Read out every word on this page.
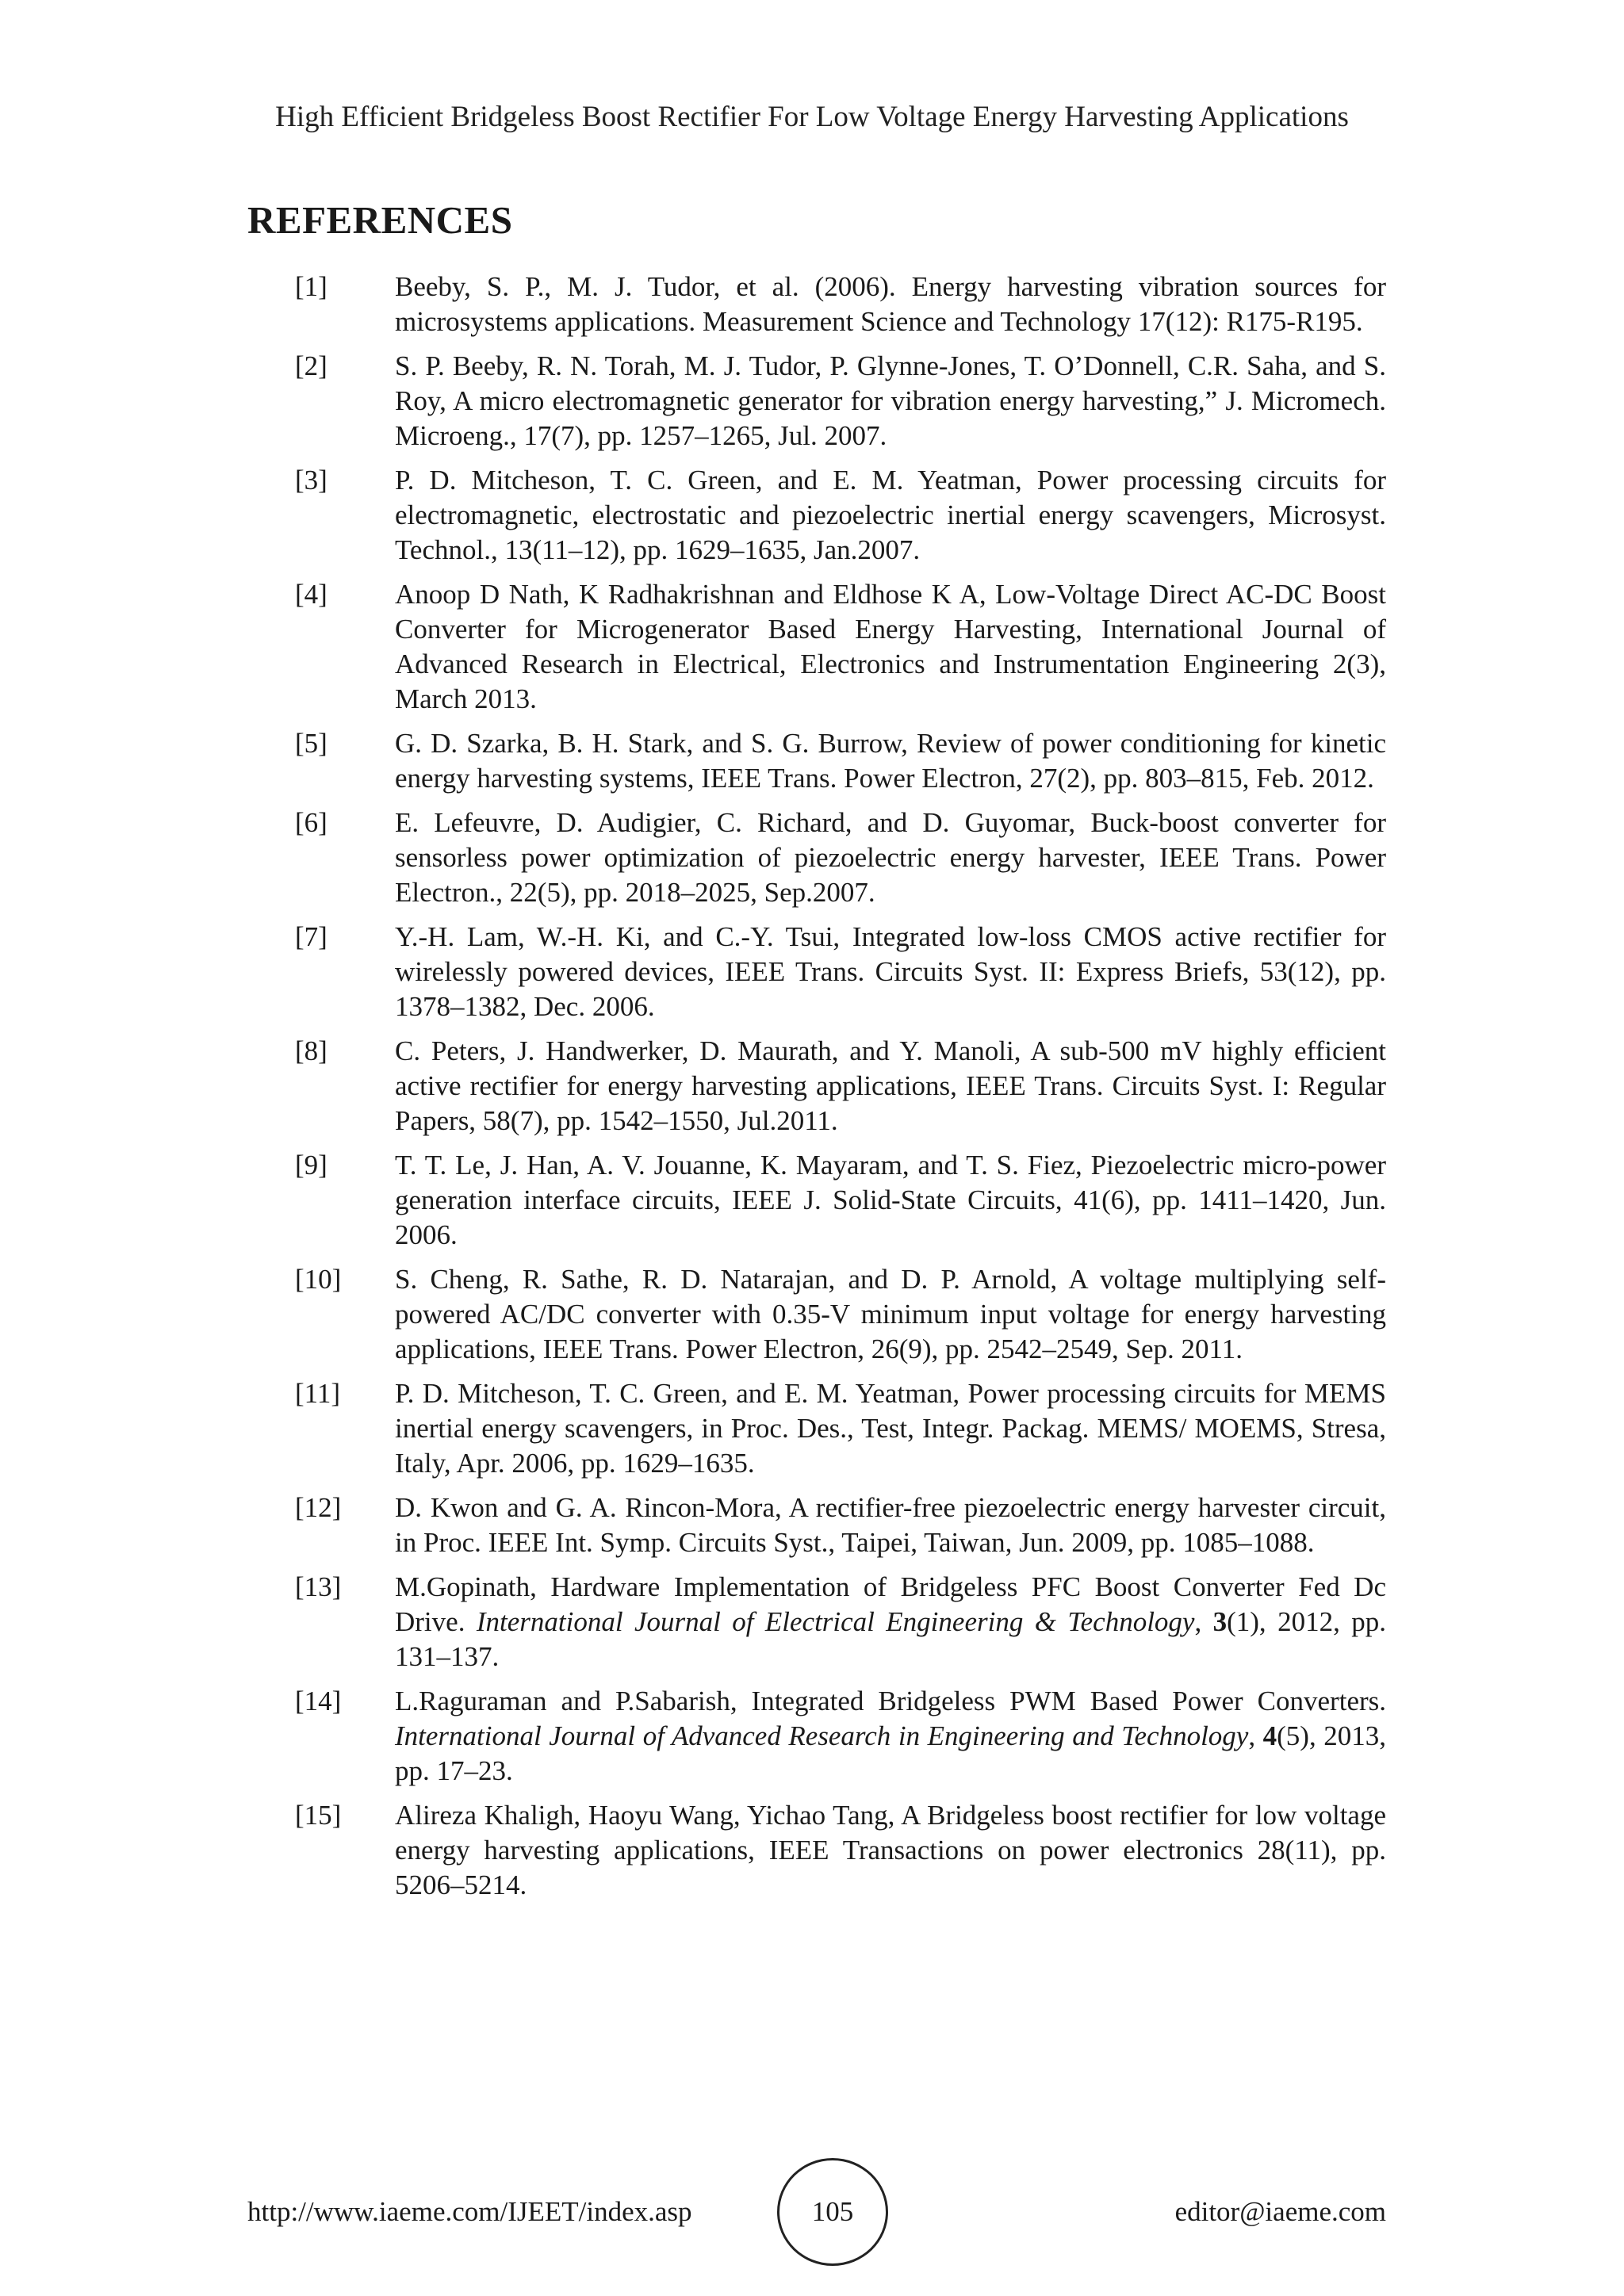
High Efficient Bridgeless Boost Rectifier For Low Voltage Energy Harvesting Applications
REFERENCES
[1]	Beeby, S. P., M. J. Tudor, et al. (2006). Energy harvesting vibration sources for microsystems applications. Measurement Science and Technology 17(12): R175-R195.
[2]	S. P. Beeby, R. N. Torah, M. J. Tudor, P. Glynne-Jones, T. O’Donnell, C.R. Saha, and S. Roy, A micro electromagnetic generator for vibration energy harvesting,” J. Micromech. Microeng., 17(7), pp. 1257–1265, Jul. 2007.
[3]	P. D. Mitcheson, T. C. Green, and E. M. Yeatman, Power processing circuits for electromagnetic, electrostatic and piezoelectric inertial energy scavengers, Microsyst. Technol., 13(11–12), pp. 1629–1635, Jan.2007.
[4]	Anoop D Nath, K Radhakrishnan and Eldhose K A, Low-Voltage Direct AC-DC Boost Converter for Microgenerator Based Energy Harvesting, International Journal of Advanced Research in Electrical, Electronics and Instrumentation Engineering 2(3), March 2013.
[5]	G. D. Szarka, B. H. Stark, and S. G. Burrow, Review of power conditioning for kinetic energy harvesting systems, IEEE Trans. Power Electron, 27(2), pp. 803–815, Feb. 2012.
[6]	E. Lefeuvre, D. Audigier, C. Richard, and D. Guyomar, Buck-boost converter for sensorless power optimization of piezoelectric energy harvester, IEEE Trans. Power Electron., 22(5), pp. 2018–2025, Sep.2007.
[7]	Y.-H. Lam, W.-H. Ki, and C.-Y. Tsui, Integrated low-loss CMOS active rectifier for wirelessly powered devices, IEEE Trans. Circuits Syst. II: Express Briefs, 53(12), pp. 1378–1382, Dec. 2006.
[8]	C. Peters, J. Handwerker, D. Maurath, and Y. Manoli, A sub-500 mV highly efficient active rectifier for energy harvesting applications, IEEE Trans. Circuits Syst. I: Regular Papers, 58(7), pp. 1542–1550, Jul.2011.
[9]	T. T. Le, J. Han, A. V. Jouanne, K. Mayaram, and T. S. Fiez, Piezoelectric micro-power generation interface circuits, IEEE J. Solid-State Circuits, 41(6), pp. 1411–1420, Jun. 2006.
[10]	S. Cheng, R. Sathe, R. D. Natarajan, and D. P. Arnold, A voltage multiplying self-powered AC/DC converter with 0.35-V minimum input voltage for energy harvesting applications, IEEE Trans. Power Electron, 26(9), pp. 2542–2549, Sep. 2011.
[11]	P. D. Mitcheson, T. C. Green, and E. M. Yeatman, Power processing circuits for MEMS inertial energy scavengers, in Proc. Des., Test, Integr. Packag. MEMS/ MOEMS, Stresa, Italy, Apr. 2006, pp. 1629–1635.
[12]	D. Kwon and G. A. Rincon-Mora, A rectifier-free piezoelectric energy harvester circuit, in Proc. IEEE Int. Symp. Circuits Syst., Taipei, Taiwan, Jun. 2009, pp. 1085–1088.
[13]	M.Gopinath, Hardware Implementation of Bridgeless PFC Boost Converter Fed Dc Drive. International Journal of Electrical Engineering & Technology, 3(1), 2012, pp. 131–137.
[14]	L.Raguraman and P.Sabarish, Integrated Bridgeless PWM Based Power Converters. International Journal of Advanced Research in Engineering and Technology, 4(5), 2013, pp. 17–23.
[15]	Alireza Khaligh, Haoyu Wang, Yichao Tang, A Bridgeless boost rectifier for low voltage energy harvesting applications, IEEE Transactions on power electronics 28(11), pp. 5206–5214.
http://www.iaeme.com/IJEET/index.asp	105	editor@iaeme.com
